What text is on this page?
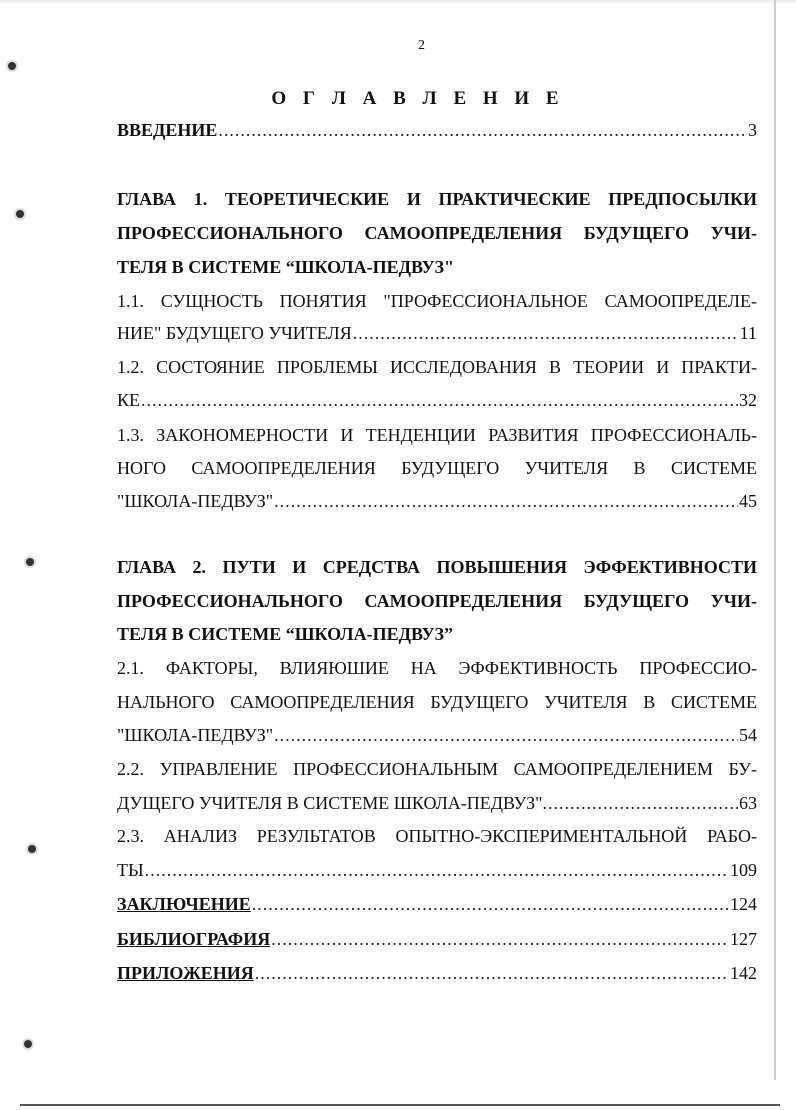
2
О Г Л А В Л Е Н И Е
ВВЕДЕНИЕ .....	3
ГЛАВА 1. ТЕОРЕТИЧЕСКИЕ И ПРАКТИЧЕСКИЕ ПРЕДПОСЫЛКИ
ПРОФЕССИОНАЛЬНОГО САМООПРЕДЕЛЕНИЯ БУДУЩЕГО УЧИ-
ТЕЛЯ В СИСТЕМЕ “ШКОЛА-ПЕДВУЗ"
1.1. СУЩНОСТЬ ПОНЯТИЯ "ПРОФЕССИОНАЛЬНОЕ САМООПРЕДЕЛЕ-
НИЕ" БУДУЩЕГО УЧИТЕЛЯ .....	11
1.2. СОСТОЯНИЕ ПРОБЛЕМЫ ИССЛЕДОВАНИЯ В ТЕОРИИ И ПРАКТИ-
КЕ .....	32
1.3. ЗАКОНОМЕРНОСТИ И ТЕНДЕНЦИИ РАЗВИТИЯ ПРОФЕССИОНАЛЬ-
НОГО САМООПРЕДЕЛЕНИЯ БУДУЩЕГО УЧИТЕЛЯ В СИСТЕМЕ
"ШКОЛА-ПЕДВУЗ" .....	45
ГЛАВА 2. ПУТИ И СРЕДСТВА ПОВЫШЕНИЯ ЭФФЕКТИВНОСТИ
ПРОФЕССИОНАЛЬНОГО САМООПРЕДЕЛЕНИЯ БУДУЩЕГО УЧИ-
ТЕЛЯ В СИСТЕМЕ “ШКОЛА-ПЕДВУЗ”
2.1. ФАКТОРЫ, ВЛИЯЮШИЕ НА ЭФФЕКТИВНОСТЬ ПРОФЕССИО-
НАЛЬНОГО САМООПРЕДЕЛЕНИЯ БУДУЩЕГО УЧИТЕЛЯ В СИСТЕМЕ
"ШКОЛА-ПЕДВУЗ" .....	54
2.2. УПРАВЛЕНИЕ ПРОФЕССИОНАЛЬНЫМ САМООПРЕДЕЛЕНИЕМ БУ-
ДУЩЕГО УЧИТЕЛЯ В СИСТЕМЕ ШКОЛА-ПЕДВУЗ". .....	63
2.3. АНАЛИЗ РЕЗУЛЬТАТОВ ОПЫТНО-ЭКСПЕРИМЕНТАЛЬНОЙ РАБО-
ТЫ .....	109
ЗАКЛЮЧЕНИЕ .....	124
БИБЛИОГРАФИЯ .....	127
ПРИЛОЖЕНИЯ .....	142
